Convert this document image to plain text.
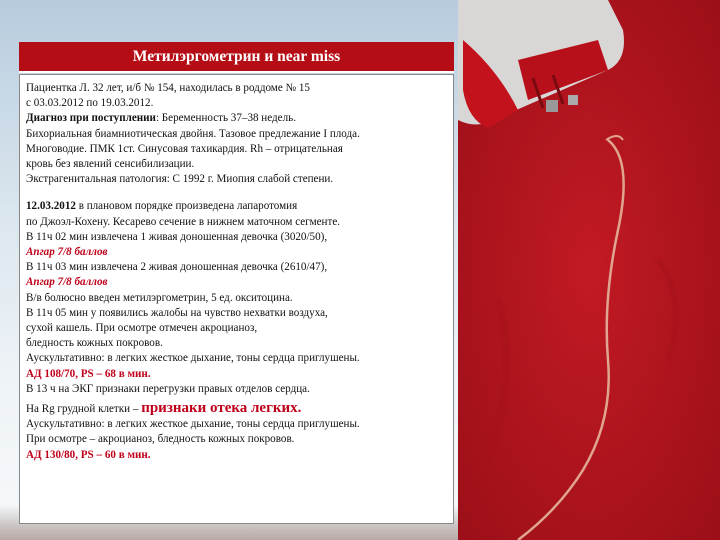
Метилэргометрин и near miss

Пациентка Л. 32 лет, и/б № 154, находилась в роддоме № 15

с 03.03.2012 по 19.03.2012.

Диагноз при поступлении: Беременность 37–38 недель.

Бихориальная биамниотическая двойня. Тазовое предлежание I плода.

Многоводие. ПМК 1ст. Синусовая тахикардия. Rh – отрицательная

кровь без явлений сенсибилизации.

Экстрагенитальная патология: С 1992 г. Миопия слабой степени.

12.03.2012 в плановом порядке произведена лапаротомия

по Джоэл-Кохену. Кесарево сечение в нижнем маточном сегменте.

В 11ч 02 мин извлечена 1 живая доношенная девочка (3020/50),

Апгар 7/8 баллов

В 11ч 03 мин извлечена 2 живая доношенная девочка (2610/47),

Апгар 7/8 баллов

В/в болюсно введен метилэргометрин, 5 ед. окситоцина.

В 11ч 05 мин у появились жалобы на чувство нехватки воздуха,

сухой кашель. При осмотре отмечен акроцианоз,

бледность кожных покровов.

Аускультативно: в легких жесткое дыхание, тоны сердца приглушены.

АД 108/70, PS – 68 в мин.

В 13 ч на ЭКГ признаки перегрузки правых отделов сердца.

На Rg грудной клетки – признаки отека легких.

Аускультативно: в легких жесткое дыхание, тоны сердца приглушены.

При осмотре – акроцианоз, бледность кожных покровов.

АД 130/80, PS – 60 в мин.
